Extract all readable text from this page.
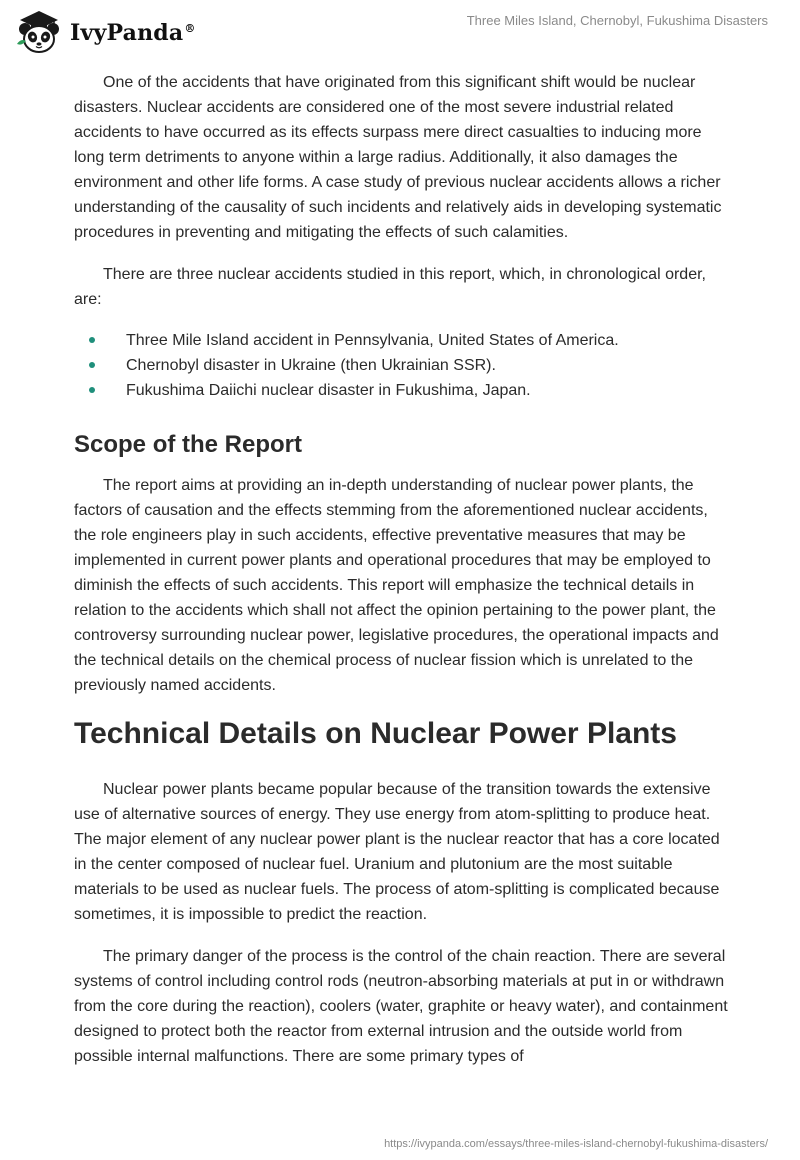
IvyPanda®
Three Miles Island, Chernobyl, Fukushima Disasters

One of the accidents that have originated from this significant shift would be nuclear disasters. Nuclear accidents are considered one of the most severe industrial related accidents to have occurred as its effects surpass mere direct casualties to inducing more long term detriments to anyone within a large radius. Additionally, it also damages the environment and other life forms. A case study of previous nuclear accidents allows a richer understanding of the causality of such incidents and relatively aids in developing systematic procedures in preventing and mitigating the effects of such calamities.

There are three nuclear accidents studied in this report, which, in chronological order, are:

Three Mile Island accident in Pennsylvania, United States of America.
Chernobyl disaster in Ukraine (then Ukrainian SSR).
Fukushima Daiichi nuclear disaster in Fukushima, Japan.
Scope of the Report

The report aims at providing an in-depth understanding of nuclear power plants, the factors of causation and the effects stemming from the aforementioned nuclear accidents, the role engineers play in such accidents, effective preventative measures that may be implemented in current power plants and operational procedures that may be employed to diminish the effects of such accidents. This report will emphasize the technical details in relation to the accidents which shall not affect the opinion pertaining to the power plant, the controversy surrounding nuclear power, legislative procedures, the operational impacts and the technical details on the chemical process of nuclear fission which is unrelated to the previously named accidents.

Technical Details on Nuclear Power Plants

Nuclear power plants became popular because of the transition towards the extensive use of alternative sources of energy. They use energy from atom-splitting to produce heat. The major element of any nuclear power plant is the nuclear reactor that has a core located in the center composed of nuclear fuel. Uranium and plutonium are the most suitable materials to be used as nuclear fuels. The process of atom-splitting is complicated because sometimes, it is impossible to predict the reaction.

The primary danger of the process is the control of the chain reaction. There are several systems of control including control rods (neutron-absorbing materials at put in or withdrawn from the core during the reaction), coolers (water, graphite or heavy water), and containment designed to protect both the reactor from external intrusion and the outside world from possible internal malfunctions. There are some primary types of

https://ivypanda.com/essays/three-miles-island-chernobyl-fukushima-disasters/
